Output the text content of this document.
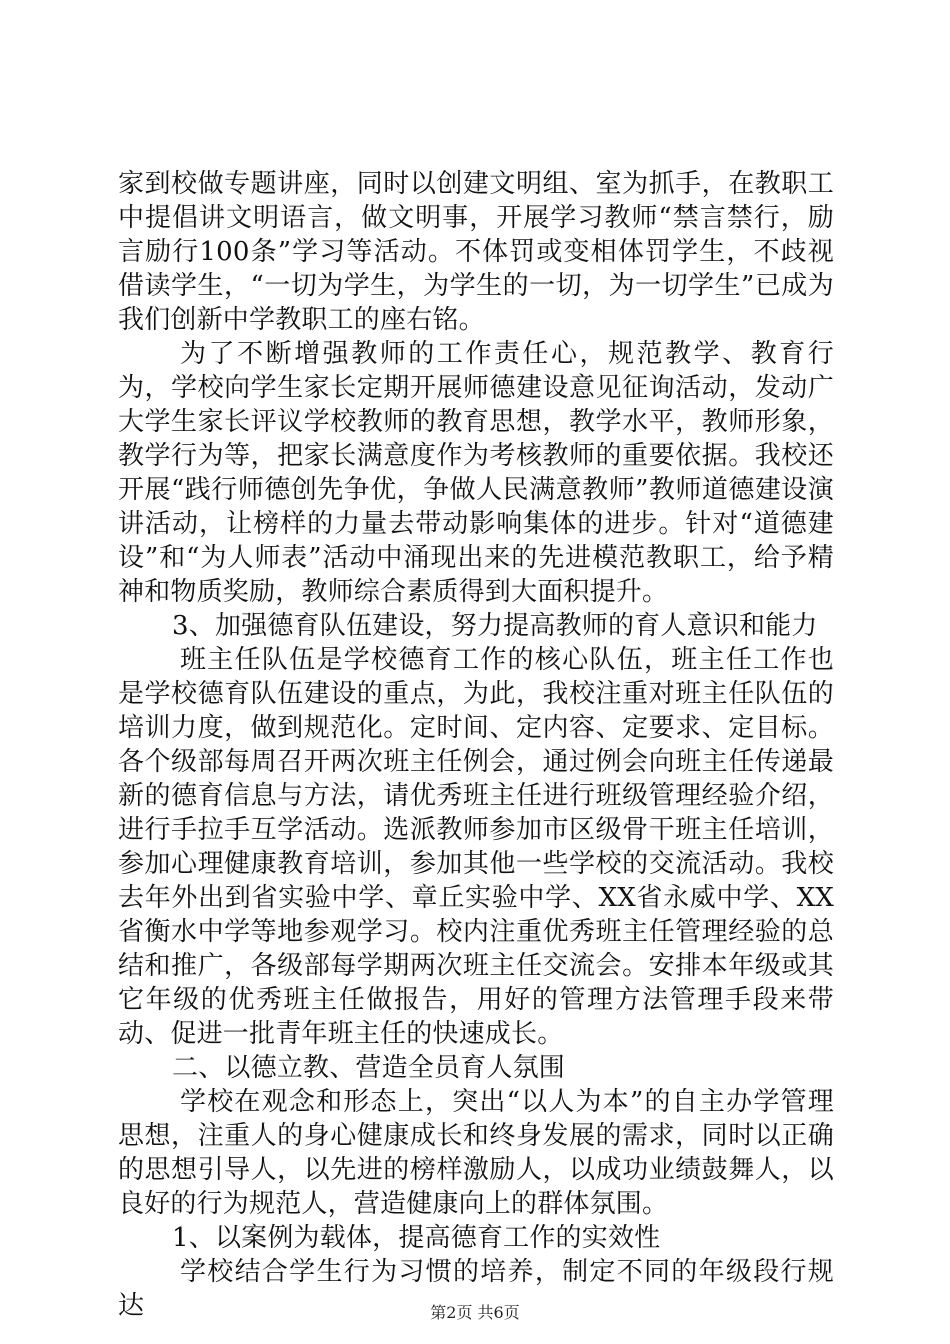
家到校做专题讲座，同时以创建文明组、室为抓手，在教职工中提倡讲文明语言，做文明事，开展学习教师“禁言禁行，励言励行100条”学习等活动。不体罚或变相体罚学生，不歧视借读学生，“一切为学生，为学生的一切，为一切学生”已成为我们创新中学教职工的座右铭。

为了不断增强教师的工作责任心，规范教学、教育行为，学校向学生家长定期开展师德建设意见征询活动，发动广大学生家长评议学校教师的教育思想，教学水平，教师形象，教学行为等，把家长满意度作为考核教师的重要依据。我校还开展“践行师德创先争优，争做人民满意教师”教师道德建设演讲活动，让榜样的力量去带动影响集体的进步。针对“道德建设”和“为人师表”活动中涌现出来的先进模范教职工，给予精神和物质奖励，教师综合素质得到大面积提升。

3、加强德育队伍建设，努力提高教师的育人意识和能力

班主任队伍是学校德育工作的核心队伍，班主任工作也是学校德育队伍建设的重点，为此，我校注重对班主任队伍的培训力度，做到规范化。定时间、定内容、定要求、定目标。各个级部每周召开两次班主任例会，通过例会向班主任传递最新的德育信息与方法，请优秀班主任进行班级管理经验介绍，进行手拉手互学活动。选派教师参加市区级骨干班主任培训，参加心理健康教育培训，参加其他一些学校的交流活动。我校去年外出到省实验中学、章丘实验中学、XX省永威中学、XX省衡水中学等地参观学习。校内注重优秀班主任管理经验的总结和推广，各级部每学期两次班主任交流会。安排本年级或其它年级的优秀班主任做报告，用好的管理方法管理手段来带动、促进一批青年班主任的快速成长。

二、以德立教、营造全员育人氛围

学校在观念和形态上，突出“以人为本”的自主办学管理思想，注重人的身心健康成长和终身发展的需求，同时以正确的思想引导人，以先进的榜样激励人，以成功业绩鼓舞人，以良好的行为规范人，营造健康向上的群体氛围。

1、以案例为载体，提高德育工作的实效性

学校结合学生行为习惯的培养，制定不同的年级段行规达	第2页 共6页
